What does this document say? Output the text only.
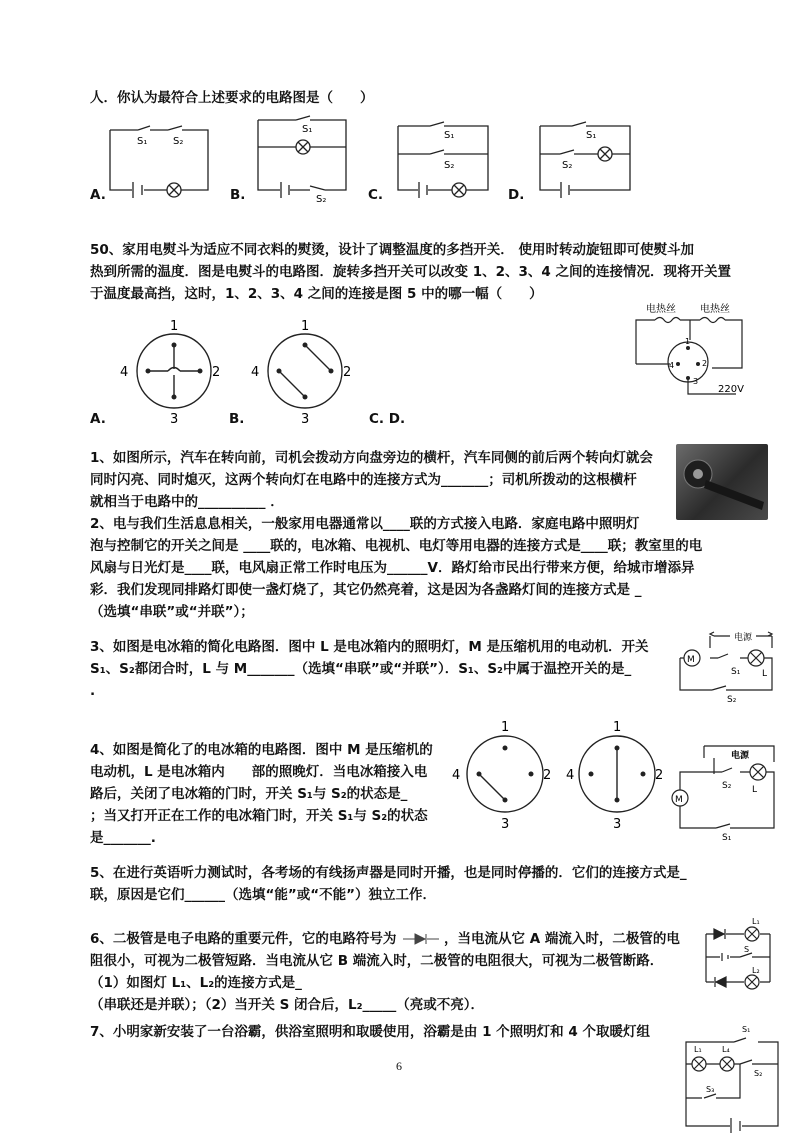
人．你认为最符合上述要求的电路图是（　　）
S₁	S₂
A.
S₁
S₂
B.
S₁
S₂
C.
S₁
S₂
D.
50、家用电熨斗为适应不同衣料的熨烫，设计了调整温度的多挡开关． 使用时转动旋钮即可使熨斗加
热到所需的温度．图是电熨斗的电路图．旋转多挡开关可以改变 1、2、3、4 之间的连接情况．现将开关置
于温度最高挡，这时，1、2、3、4 之间的连接是图 5 中的哪一幅（　　）
1
2
3
4
A.
1
2
3
4
B.	C. D.
电热丝 电热丝
4	2
1
3
220V
1、如图所示，汽车在转向前，司机会拨动方向盘旁边的横杆，汽车同侧的前后两个转向灯就会
同时闪亮、同时熄灭，这两个转向灯在电路中的连接方式为_______；司机所拨动的这根横杆
就相当于电路中的__________ ．
2、电与我们生活息息相关，一般家用电器通常以____联的方式接入电路．家庭电路中照明灯
泡与控制它的开关之间是 ____联的，电冰箱、电视机、电灯等用电器的连接方式是____联；教室里的电
风扇与日光灯是____联，电风扇正常工作时电压为______V．路灯给市民出行带来方便，给城市增添异
彩．我们发现同排路灯即使一盏灯烧了，其它仍然亮着，这是因为各盏路灯间的连接方式是 _
（选填“串联”或“并联”）；
3、如图是电冰箱的简化电路图．图中 L 是电冰箱内的照明灯，M 是压缩机用的电动机．开关
S₁、S₂都闭合时，L 与 M_______（选填“串联”或“并联”）．S₁、S₂中属于温控开关的是_
.
电源
M
S₁ L
S₂
4、如图是简化了的电冰箱的电路图．图中 M 是压缩机的
电动机，L 是电冰箱内　　部的照晚灯．当电冰箱接入电
路后，关闭了电冰箱的门时，开关 S₁与 S₂的状态是_
；当又打开正在工作的电冰箱门时，开关 S₁与 S₂的状态
是_______.
1
2
3
4
1
2
3
4
电源
M
S₂ L
S₁
5、在进行英语听力测试时，各考场的有线扬声器是同时开播，也是同时停播的．它们的连接方式是_
联，原因是它们______（选填“能”或“不能”）独立工作．
6、二极管是电子电路的重要元件，它的电路符号为	，当电流从它 A 端流入时，二极管的电
阻很小，可视为二极管短路．当电流从它 B 端流入时，二极管的电阻很大，可视为二极管断路．
（1）如图灯 L₁、L₂的连接方式是_
（串联还是并联）；（2）当开关 S 闭合后，L₂_____（亮或不亮）．
L₁
S
L₂
7、小明家新安装了一台浴霸，供浴室照明和取暖使用，浴霸是由 1 个照明灯和 4 个取暖灯组	S₁
L₁	L₄
S₂
S₃
6
